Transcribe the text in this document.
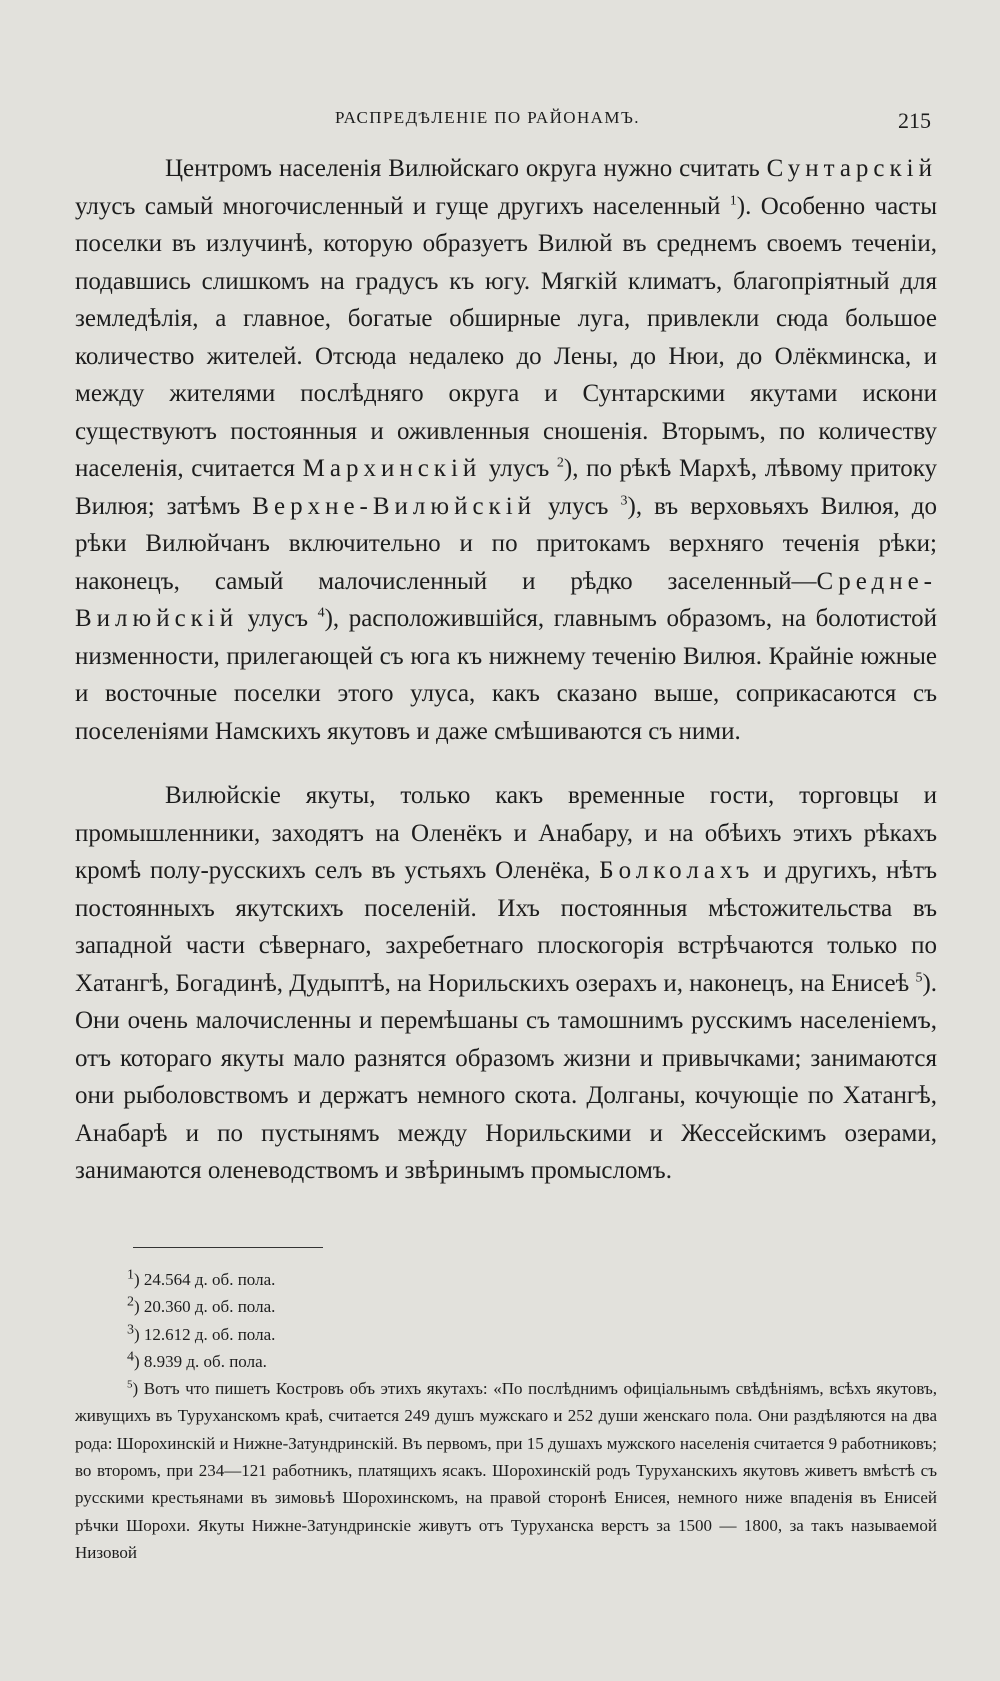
РАСПРЕДѢЛЕНІЕ ПО РАЙОНАМЪ.	215

Центромъ населенія Вилюйскаго округа нужно считать Сунтарскій улусъ самый многочисленный и гуще другихъ населенный $^1$). Особенно часты поселки въ излучинѣ, которую образуетъ Вилюй въ среднемъ своемъ теченіи, подавшись слишкомъ на градусъ къ югу. Мягкій климатъ, благопріятный для земледѣлія, а главное, богатые обширные луга, привлекли сюда большое количество жителей. Отсюда недалеко до Лены, до Нюи, до Олёкминска, и между жителями послѣдняго округа и Сунтарскими якутами искони существуютъ постоянныя и оживленныя сношенія. Вторымъ, по количеству населенія, считается Мархинскій улусъ $^2$), по рѣкѣ Мархѣ, лѣвому притоку Вилюя; затѣмъ Верхне-Вилюйскій улусъ $^3$), въ верховьяхъ Вилюя, до рѣки Вилюйчанъ включительно и по притокамъ верхняго теченія рѣки; наконецъ, самый малочисленный и рѣдко заселенный—Средне-Вилюйскій улусъ $^4$), расположившійся, главнымъ образомъ, на болотистой низменности, прилегающей съ юга къ нижнему теченію Вилюя. Крайніе южные и восточные поселки этого улуса, какъ сказано выше, соприкасаются съ поселеніями Намскихъ якутовъ и даже смѣшиваются съ ними.

Вилюйскіе якуты, только какъ временные гости, торговцы и промышленники, заходятъ на Оленёкъ и Анабару, и на обѣихъ этихъ рѣкахъ кромѣ полу-русскихъ селъ въ устьяхъ Оленёка, Болколахъ и другихъ, нѣтъ постоянныхъ якутскихъ поселеній. Ихъ постоянныя мѣстожительства въ западной части сѣвернаго, захребетнаго плоскогорія встрѣчаются только по Хатангѣ, Богадинѣ, Дудыптѣ, на Норильскихъ озерахъ и, наконецъ, на Енисеѣ $^5$). Они очень малочисленны и перемѣшаны съ тамошнимъ русскимъ населеніемъ, отъ котораго якуты мало разнятся образомъ жизни и привычками; занимаются они рыболовствомъ и держатъ немного скота. Долганы, кочующіе по Хатангѣ, Анабарѣ и по пустынямъ между Норильскими и Жессейскимъ озерами, занимаются оленеводствомъ и звѣринымъ промысломъ.

$^1$) 24.564 д. об. пола.

$^2$) 20.360 д. об. пола.

$^3$) 12.612 д. об. пола.

$^4$) 8.939 д. об. пола.

$^5$) Вотъ что пишетъ Костровъ объ этихъ якутахъ: «По послѣднимъ офиціальнымъ свѣдѣніямъ, всѣхъ якутовъ, живущихъ въ Туруханскомъ краѣ, считается 249 душъ мужскаго и 252 души женскаго пола. Они раздѣляются на два рода: Шорохинскій и Нижне-Затундринскій. Въ первомъ, при 15 душахъ мужского населенія считается 9 работниковъ; во второмъ, при 234—121 работникъ, платящихъ ясакъ. Шорохинскій родъ Туруханскихъ якутовъ живетъ вмѣстѣ съ русскими крестьянами въ зимовьѣ Шорохинскомъ, на правой сторонѣ Енисея, немного ниже впаденія въ Енисей рѣчки Шорохи. Якуты Нижне-Затундринскіе живутъ отъ Туруханска верстъ за 1500 — 1800, за такъ называемой Низовой
